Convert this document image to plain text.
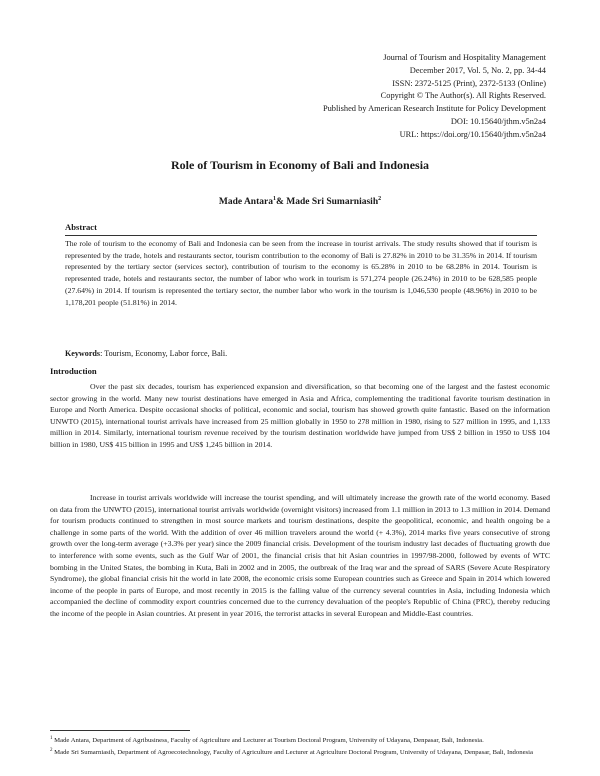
Journal of Tourism and Hospitality Management
December 2017, Vol. 5, No. 2, pp. 34-44
ISSN: 2372-5125 (Print), 2372-5133 (Online)
Copyright © The Author(s). All Rights Reserved.
Published by American Research Institute for Policy Development
DOI: 10.15640/jthm.v5n2a4
URL: https://doi.org/10.15640/jthm.v5n2a4
Role of Tourism in Economy of Bali and Indonesia
Made Antara$^1$& Made Sri Sumarniasih$^2$
Abstract

The role of tourism to the economy of Bali and Indonesia can be seen from the increase in tourist arrivals. The study results showed that if tourism is represented by the trade, hotels and restaurants sector, tourism contribution to the economy of Bali is 27.82% in 2010 to be 31.35% in 2014. If tourism represented by the tertiary sector (services sector), contribution of tourism to the economy is 65.28% in 2010 to be 68.28% in 2014. Tourism is represented trade, hotels and restaurants sector, the number of labor who work in tourism is 571,274 people (26.24%) in 2010 to be 628,585 people (27.64%) in 2014. If tourism is represented the tertiary sector, the number labor who work in the tourism is 1,046,530 people (48.96%) in 2010 to be 1,178,201 people (51.81%) in 2014.

Keywords: Tourism, Economy, Labor force, Bali.
Introduction

Over the past six decades, tourism has experienced expansion and diversification, so that becoming one of the largest and the fastest economic sector growing in the world. Many new tourist destinations have emerged in Asia and Africa, complementing the traditional favorite tourism destination in Europe and North America. Despite occasional shocks of political, economic and social, tourism has showed growth quite fantastic. Based on the information UNWTO (2015), international tourist arrivals have increased from 25 million globally in 1950 to 278 million in 1980, rising to 527 million in 1995, and 1,133 million in 2014. Similarly, international tourism revenue received by the tourism destination worldwide have jumped from US$ 2 billion in 1950 to US$ 104 billion in 1980, US$ 415 billion in 1995 and US$ 1,245 billion in 2014.

Increase in tourist arrivals worldwide will increase the tourist spending, and will ultimately increase the growth rate of the world economy. Based on data from the UNWTO (2015), international tourist arrivals worldwide (overnight visitors) increased from 1.1 million in 2013 to 1.3 million in 2014. Demand for tourism products continued to strengthen in most source markets and tourism destinations, despite the geopolitical, economic, and health ongoing be a challenge in some parts of the world. With the addition of over 46 million travelers around the world (+ 4.3%), 2014 marks five years consecutive of strong growth over the long-term average (+3.3% per year) since the 2009 financial crisis. Development of the tourism industry last decades of fluctuating growth due to interference with some events, such as the Gulf War of 2001, the financial crisis that hit Asian countries in 1997/98-2000, followed by events of WTC bombing in the United States, the bombing in Kuta, Bali in 2002 and in 2005, the outbreak of the Iraq war and the spread of SARS (Severe Acute Respiratory Syndrome), the global financial crisis hit the world in late 2008, the economic crisis some European countries such as Greece and Spain in 2014 which lowered income of the people in parts of Europe, and most recently in 2015 is the falling value of the currency several countries in Asia, including Indonesia which accompanied the decline of commodity export countries concerned due to the currency devaluation of the people's Republic of China (PRC), thereby reducing the income of the people in Asian countries. At present in year 2016, the terrorist attacks in several European and Middle-East countries.

$^1$ Made Antara, Department of Agribusiness, Faculty of Agriculture and Lecturer at Tourism Doctoral Program, University of Udayana, Denpasar, Bali, Indonesia.

$^2$ Made Sri Sumarniasih, Department of Agroecotechnology, Faculty of Agriculture and Lecturer at Agriculture Doctoral Program, University of Udayana, Denpasar, Bali, Indonesia
